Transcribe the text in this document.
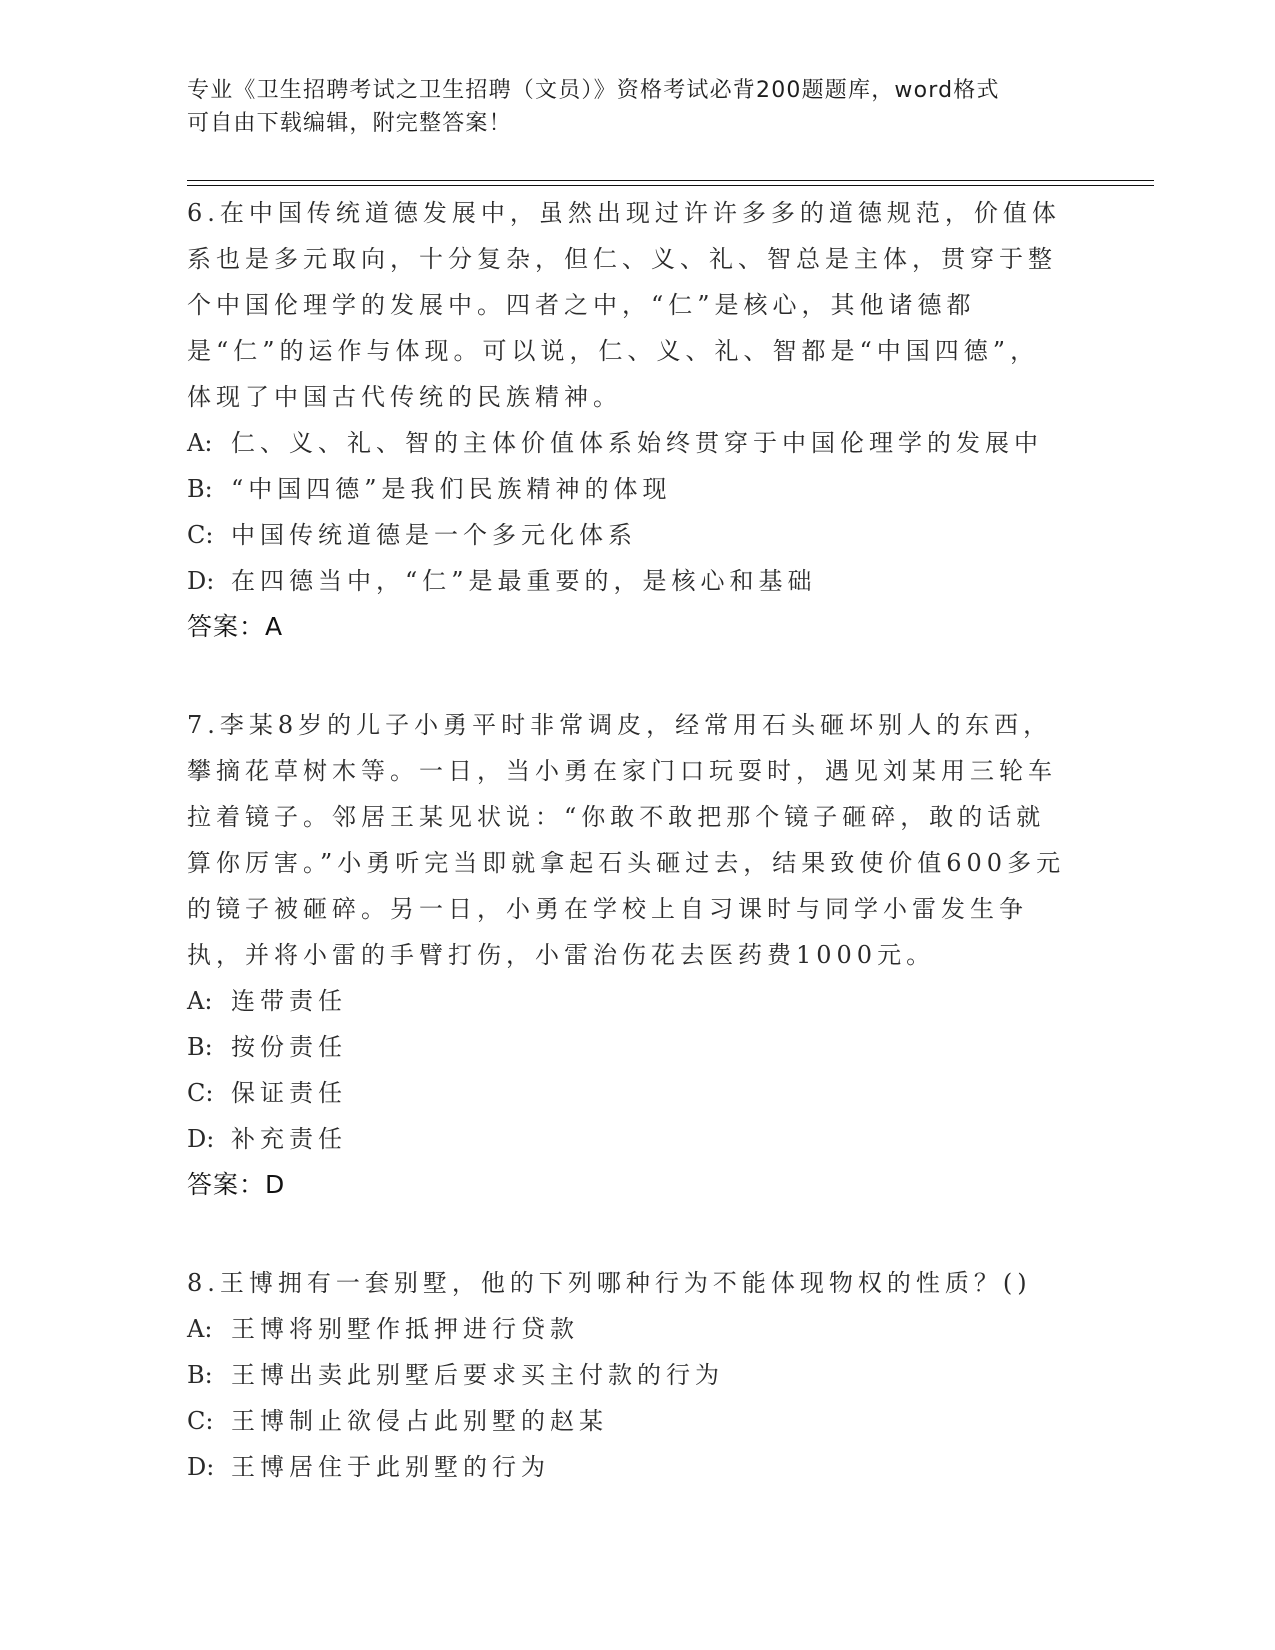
专业《卫生招聘考试之卫生招聘（文员）》资格考试必背200题题库，word格式
可自由下载编辑，附完整答案！

6.在中国传统道德发展中，虽然出现过许许多多的道德规范，价值体系也是多元取向，十分复杂，但仁、义、礼、智总是主体，贯穿于整个中国伦理学的发展中。四者之中，“仁”是核心，其他诸德都是“仁”的运作与体现。可以说，仁、义、礼、智都是“中国四德”，体现了中国古代传统的民族精神。

A: 仁、义、礼、智的主体价值体系始终贯穿于中国伦理学的发展中
B: “中国四德”是我们民族精神的体现
C: 中国传统道德是一个多元化体系
D: 在四德当中，“仁”是最重要的，是核心和基础

答案：A

7.李某8岁的儿子小勇平时非常调皮，经常用石头砸坏别人的东西，攀摘花草树木等。一日，当小勇在家门口玩耍时，遇见刘某用三轮车拉着镜子。邻居王某见状说：“你敢不敢把那个镜子砸碎，敢的话就算你厉害。”小勇听完当即就拿起石头砸过去，结果致使价值600多元的镜子被砸碎。另一日，小勇在学校上自习课时与同学小雷发生争执，并将小雷的手臂打伤，小雷治伤花去医药费1000元。

A: 连带责任
B: 按份责任
C: 保证责任
D: 补充责任

答案：D

8.王博拥有一套别墅，他的下列哪种行为不能体现物权的性质？()

A: 王博将别墅作抵押进行贷款
B: 王博出卖此别墅后要求买主付款的行为
C: 王博制止欲侵占此别墅的赵某
D: 王博居住于此别墅的行为
